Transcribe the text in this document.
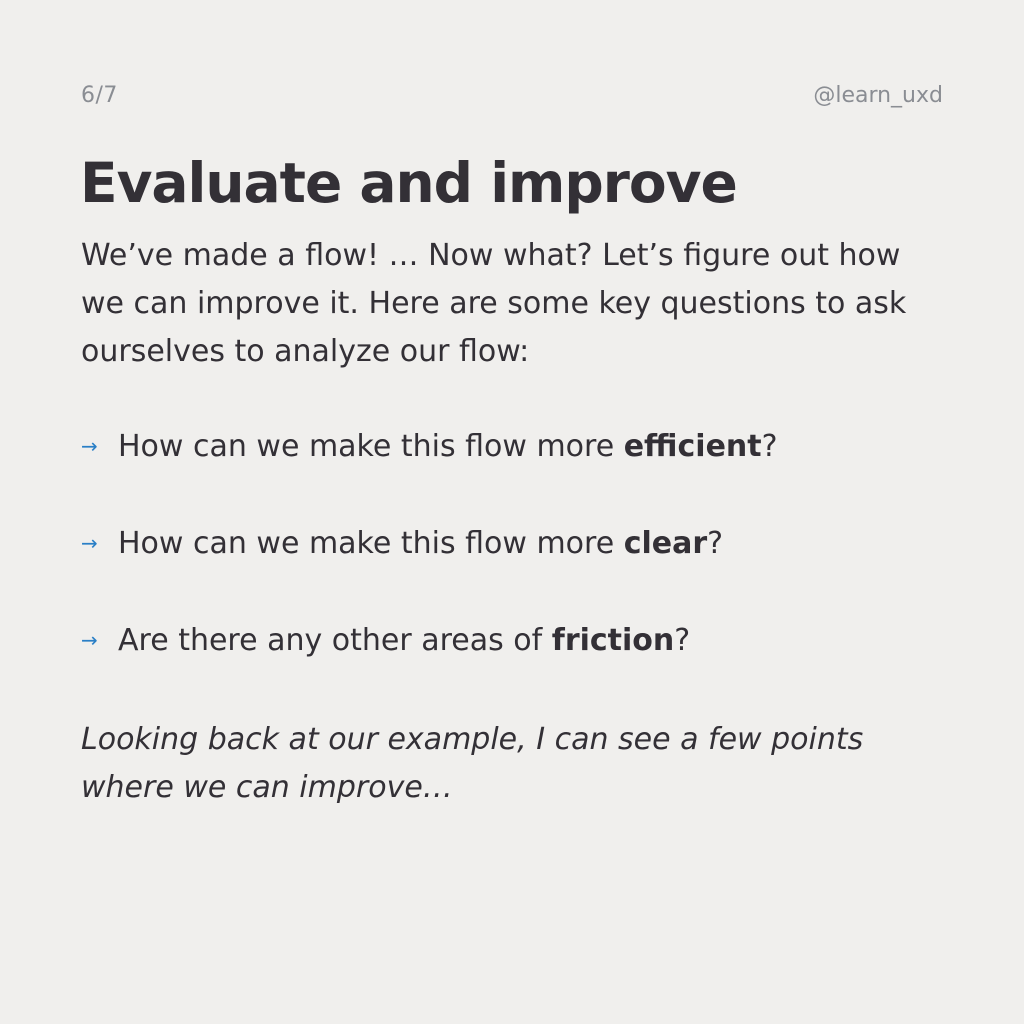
6/7	@learn_uxd
Evaluate and improve

We’ve made a flow! … Now what? Let’s figure out how we can improve it. Here are some key questions to ask ourselves to analyze our flow:

→ How can we make this flow more efficient?
→ How can we make this flow more clear?
→ Are there any other areas of friction?

Looking back at our example, I can see a few points where we can improve…
